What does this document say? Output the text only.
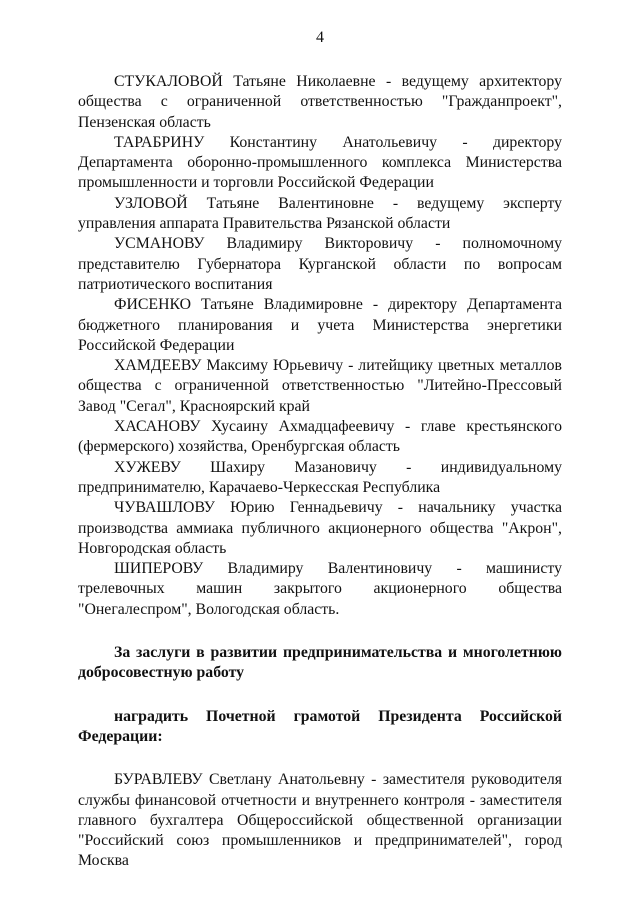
4

СТУКАЛОВОЙ Татьяне Николаевне - ведущему архитектору общества с ограниченной ответственностью "Гражданпроект", Пензенская область

ТАРАБРИНУ Константину Анатольевичу - директору Департамента оборонно-промышленного комплекса Министерства промышленности и торговли Российской Федерации

УЗЛОВОЙ Татьяне Валентиновне - ведущему эксперту управления аппарата Правительства Рязанской области

УСМАНОВУ Владимиру Викторовичу - полномочному представителю Губернатора Курганской области по вопросам патриотического воспитания

ФИСЕНКО Татьяне Владимировне - директору Департамента бюджетного планирования и учета Министерства энергетики Российской Федерации

ХАМДЕЕВУ Максиму Юрьевичу - литейщику цветных металлов общества с ограниченной ответственностью "Литейно-Прессовый Завод "Сегал", Красноярский край

ХАСАНОВУ Хусаину Ахмадцафеевичу - главе крестьянского (фермерского) хозяйства, Оренбургская область

ХУЖЕВУ Шахиру Мазановичу - индивидуальному предпринимателю, Карачаево-Черкесская Республика

ЧУВАШЛОВУ Юрию Геннадьевичу - начальнику участка производства аммиака публичного акционерного общества "Акрон", Новгородская область

ШИПЕРОВУ Владимиру Валентиновичу - машинисту трелевочных машин закрытого акционерного общества "Онегалеспром", Вологодская область.

За заслуги в развитии предпринимательства и многолетнюю добросовестную работу

наградить Почетной грамотой Президента Российской Федерации:

БУРАВЛЕВУ Светлану Анатольевну - заместителя руководителя службы финансовой отчетности и внутреннего контроля - заместителя главного бухгалтера Общероссийской общественной организации "Российский союз промышленников и предпринимателей", город Москва
